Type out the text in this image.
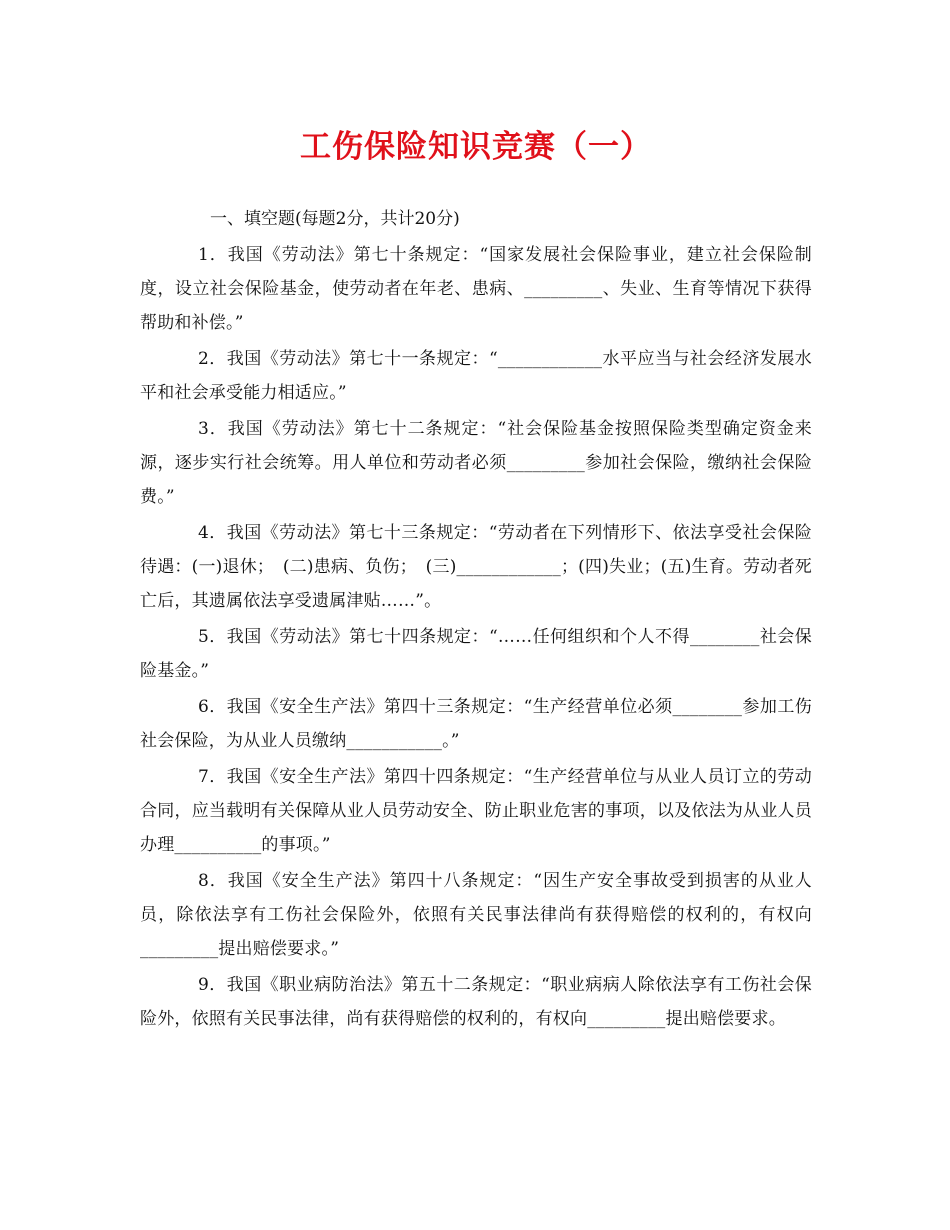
工伤保险知识竞赛（一）
一、填空题(每题2分，共计20分)

1．我国《劳动法》第七十条规定：“国家发展社会保险事业，建立社会保险制度，设立社会保险基金，使劳动者在年老、患病、_________、失业、生育等情况下获得帮助和补偿。”

2．我国《劳动法》第七十一条规定：“____________水平应当与社会经济发展水平和社会承受能力相适应。”

3．我国《劳动法》第七十二条规定：“社会保险基金按照保险类型确定资金来源，逐步实行社会统筹。用人单位和劳动者必须_________参加社会保险，缴纳社会保险费。”

4．我国《劳动法》第七十三条规定：“劳动者在下列情形下、依法享受社会保险待遇：(一)退休；　(二)患病、负伤；　(三)____________；(四)失业；(五)生育。劳动者死亡后，其遗属依法享受遗属津贴……”。

5．我国《劳动法》第七十四条规定：“……任何组织和个人不得________社会保险基金。”

6．我国《安全生产法》第四十三条规定：“生产经营单位必须________参加工伤社会保险，为从业人员缴纳___________。”

7．我国《安全生产法》第四十四条规定：“生产经营单位与从业人员订立的劳动合同，应当载明有关保障从业人员劳动安全、防止职业危害的事项，以及依法为从业人员办理__________的事项。”

8．我国《安全生产法》第四十八条规定：“因生产安全事故受到损害的从业人员，除依法享有工伤社会保险外，依照有关民事法律尚有获得赔偿的权利的，有权向_________提出赔偿要求。”

9．我国《职业病防治法》第五十二条规定：“职业病病人除依法享有工伤社会保险外，依照有关民事法律，尚有获得赔偿的权利的，有权向_________提出赔偿要求。
